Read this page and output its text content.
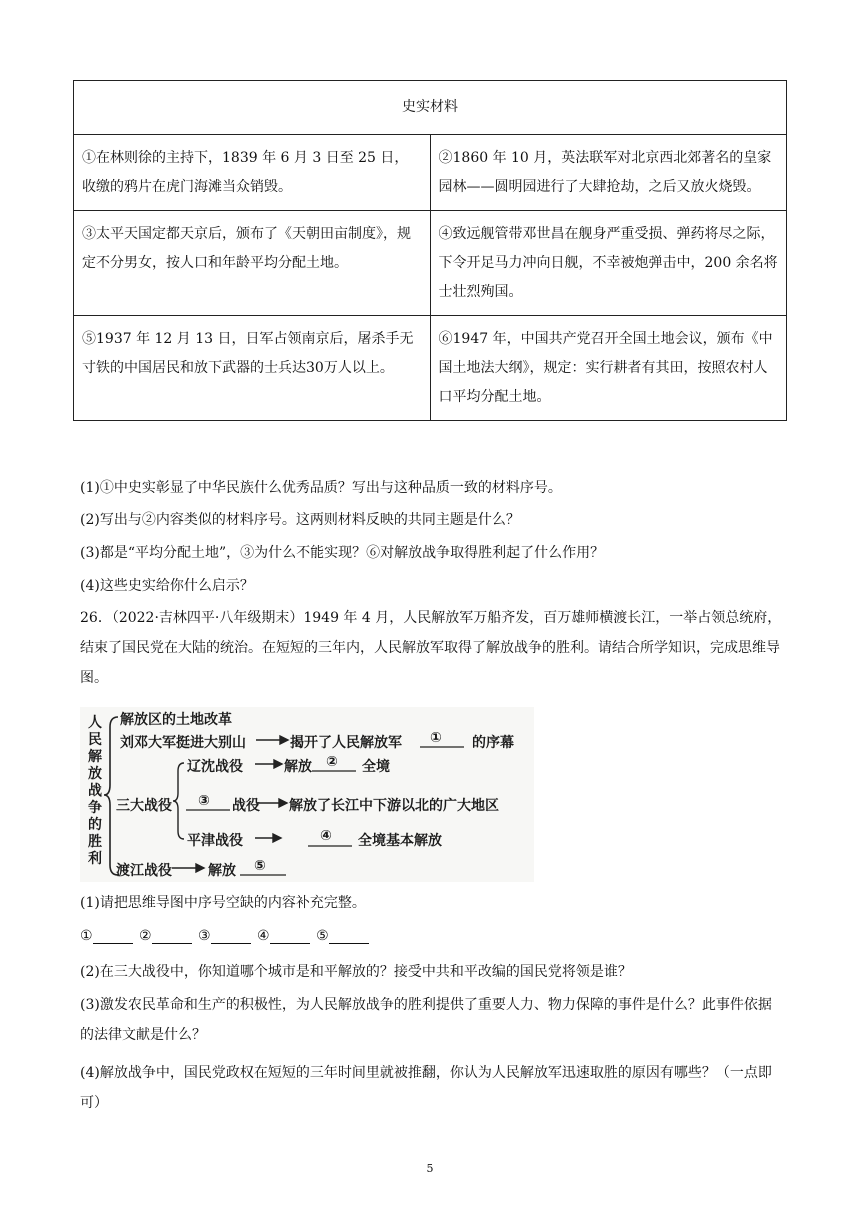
史实材料	
①在林则徐的主持下，1839 年 6 月 3 日至 25 日，收缴的鸦片在虎门海滩当众销毁。	②1860 年 10 月，英法联军对北京西北郊著名的皇家园林——圆明园进行了大肆抢劫，之后又放火烧毁。
③太平天国定都天京后，颁布了《天朝田亩制度》，规定不分男女，按人口和年龄平均分配土地。	④致远舰管带邓世昌在舰身严重受损、弹药将尽之际，下令开足马力冲向日舰，不幸被炮弹击中，200 余名将士壮烈殉国。
⑤1937 年 12 月 13 日，日军占领南京后，屠杀手无寸铁的中国居民和放下武器的士兵达30万人以上。	⑥1947 年，中国共产党召开全国土地会议，颁布《中国土地法大纲》，规定：实行耕者有其田，按照农村人口平均分配土地。
(1)①中史实彰显了中华民族什么优秀品质？写出与这种品质一致的材料序号。
(2)写出与②内容类似的材料序号。这两则材料反映的共同主题是什么？
(3)都是“平均分配土地”，③为什么不能实现？⑥对解放战争取得胜利起了什么作用？
(4)这些史实给你什么启示？
26．（2022·吉林四平·八年级期末）1949 年 4 月，人民解放军万船齐发，百万雄师横渡长江，一举占领总统府，结束了国民党在大陆的统治。在短短的三年内，人民解放军取得了解放战争的胜利。请结合所学知识，完成思维导图。
人民解放战争的胜利
解放区的土地改革
刘邓大军挺进大别山	揭开了人民解放军 ① 的序幕
辽沈战役	解放 ② 全境
三大战役 ③ 战役 解放了长江中下游以北的广大地区
平津战役	④ 全境基本解放
渡江战役	解放 ⑤
(1)请把思维导图中序号空缺的内容补充完整。
①	②	③	④	⑤
(2)在三大战役中，你知道哪个城市是和平解放的？接受中共和平改编的国民党将领是谁？
(3)激发农民革命和生产的积极性，为人民解放战争的胜利提供了重要人力、物力保障的事件是什么？此事件依据的法律文献是什么？
(4)解放战争中，国民党政权在短短的三年时间里就被推翻，你认为人民解放军迅速取胜的原因有哪些？（一点即可）
5
